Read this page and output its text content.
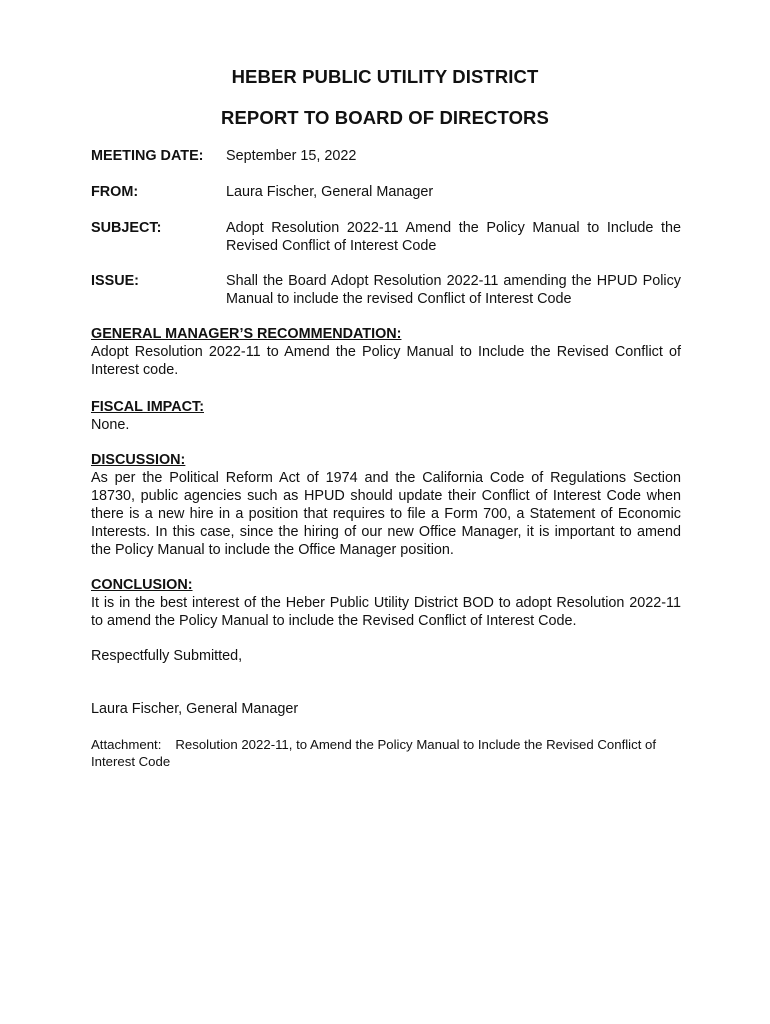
HEBER PUBLIC UTILITY DISTRICT
REPORT TO BOARD OF DIRECTORS
MEETING DATE: September 15, 2022
FROM:	Laura Fischer, General Manager
SUBJECT:	Adopt Resolution 2022-11 Amend the Policy Manual to Include the Revised Conflict of Interest Code
ISSUE:	Shall the Board Adopt Resolution 2022-11 amending the HPUD Policy Manual to include the revised Conflict of Interest Code
GENERAL MANAGER’S RECOMMENDATION:
Adopt Resolution 2022-11 to Amend the Policy Manual to Include the Revised Conflict of Interest code.
FISCAL IMPACT:
None.
DISCUSSION:
As per the Political Reform Act of 1974 and the California Code of Regulations Section 18730, public agencies such as HPUD should update their Conflict of Interest Code when there is a new hire in a position that requires to file a Form 700, a Statement of Economic Interests. In this case, since the hiring of our new Office Manager, it is important to amend the Policy Manual to include the Office Manager position.
CONCLUSION:
It is in the best interest of the Heber Public Utility District BOD to adopt Resolution 2022-11 to amend the Policy Manual to include the Revised Conflict of Interest Code.
Respectfully Submitted,
Laura Fischer, General Manager
Attachment: Resolution 2022-11, to Amend the Policy Manual to Include the Revised Conflict of Interest Code
